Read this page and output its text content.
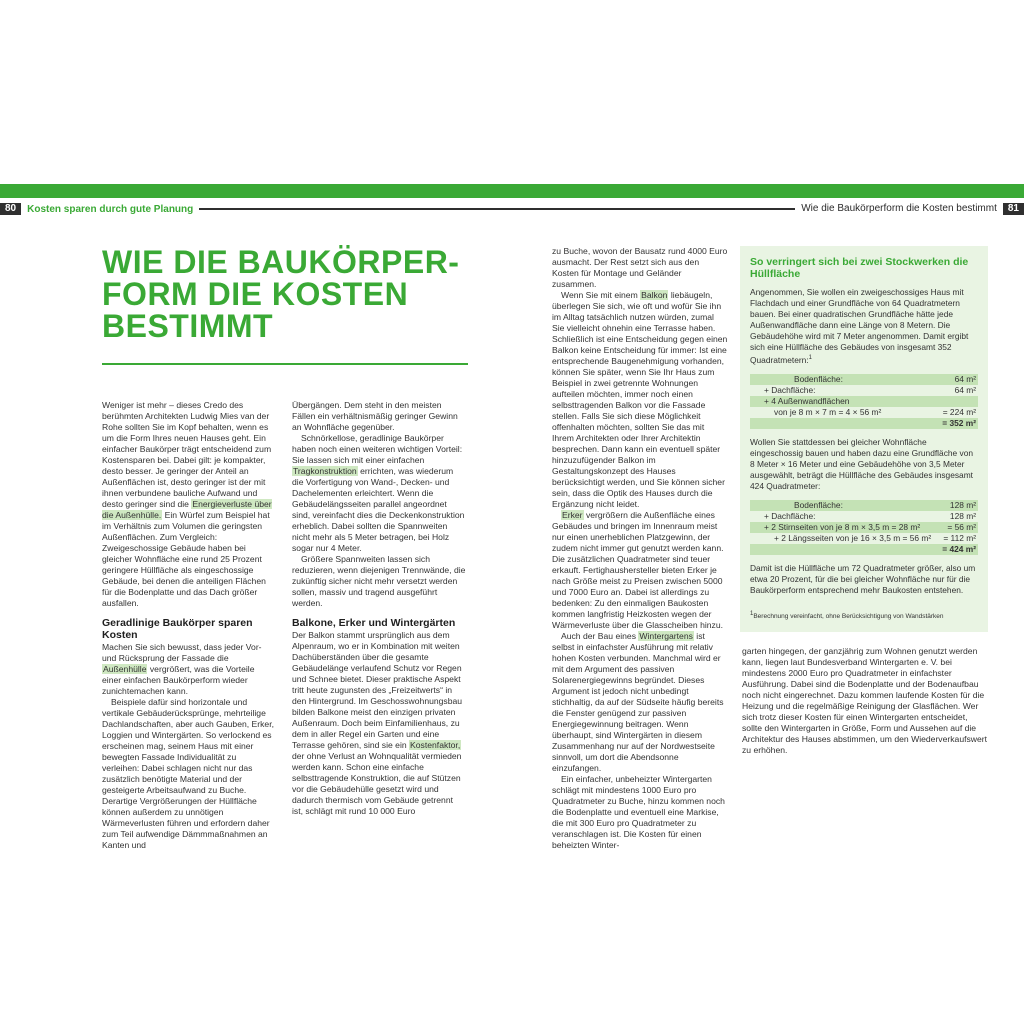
80	Kosten sparen durch gute Planung	Wie die Baukörperform die Kosten bestimmt	81
WIE DIE BAUKÖRPER-
FORM DIE KOSTEN
BESTIMMT

Weniger ist mehr – dieses Credo des berühmten Architekten Ludwig Mies van der Rohe sollten Sie im Kopf behalten, wenn es um die Form Ihres neuen Hauses geht. Ein einfacher Baukörper trägt entscheidend zum Kostensparen bei. Dabei gilt: je kompakter, desto besser. Je geringer der Anteil an Außenflächen ist, desto geringer ist der mit ihnen verbundene bauliche Aufwand und desto geringer sind die Energieverluste über die Außenhülle. Ein Würfel zum Beispiel hat im Verhältnis zum Volumen die geringsten Außenflächen. Zum Vergleich: Zweigeschossige Gebäude haben bei gleicher Wohnfläche eine rund 25 Prozent geringere Hüllfläche als eingeschossige Gebäude, bei denen die anteiligen Flächen für die Bodenplatte und das Dach größer ausfallen.

Geradlinige Baukörper sparen Kosten

Machen Sie sich bewusst, dass jeder Vor- und Rücksprung der Fassade die Außenhülle vergrößert, was die Vorteile einer einfachen Baukörperform wieder zunichtemachen kann.

Beispiele dafür sind horizontale und vertikale Gebäuderücksprünge, mehrteilige Dachlandschaften, aber auch Gauben, Erker, Loggien und Wintergärten. So verlockend es erscheinen mag, seinem Haus mit einer bewegten Fassade Individualität zu verleihen: Dabei schlagen nicht nur das zusätzlich benötigte Material und der gesteigerte Arbeitsaufwand zu Buche. Derartige Vergrößerungen der Hüllfläche können außerdem zu unnötigen Wärmeverlusten führen und erfordern daher zum Teil aufwendige Dämmmaßnahmen an Kanten und

Übergängen. Dem steht in den meisten Fällen ein verhältnismäßig geringer Gewinn an Wohnfläche gegenüber.

Schnörkellose, geradlinige Baukörper haben noch einen weiteren wichtigen Vorteil: Sie lassen sich mit einer einfachen Tragkonstruktion errichten, was wiederum die Vorfertigung von Wand-, Decken- und Dachelementen erleichtert. Wenn die Gebäudelängsseiten parallel angeordnet sind, vereinfacht dies die Deckenkonstruktion erheblich. Dabei sollten die Spannweiten nicht mehr als 5 Meter betragen, bei Holz sogar nur 4 Meter.

Größere Spannweiten lassen sich reduzieren, wenn diejenigen Trennwände, die zukünftig sicher nicht mehr versetzt werden sollen, massiv und tragend ausgeführt werden.

Balkone, Erker und Wintergärten

Der Balkon stammt ursprünglich aus dem Alpenraum, wo er in Kombination mit weiten Dachüberständen über die gesamte Gebäudelänge verlaufend Schutz vor Regen und Schnee bietet. Dieser praktische Aspekt tritt heute zugunsten des „Freizeitwerts“ in den Hintergrund. Im Geschosswohnungsbau bilden Balkone meist den einzigen privaten Außenraum. Doch beim Einfamilienhaus, zu dem in aller Regel ein Garten und eine Terrasse gehören, sind sie ein Kostenfaktor, der ohne Verlust an Wohnqualität vermieden werden kann. Schon eine einfache selbsttragende Konstruktion, die auf Stützen vor die Gebäudehülle gesetzt wird und dadurch thermisch vom Gebäude getrennt ist, schlägt mit rund 10 000 Euro

zu Buche, wovon der Bausatz rund 4000 Euro ausmacht. Der Rest setzt sich aus den Kosten für Montage und Geländer zusammen.

Wenn Sie mit einem Balkon liebäugeln, überlegen Sie sich, wie oft und wofür Sie ihn im Alltag tatsächlich nutzen würden, zumal Sie vielleicht ohnehin eine Terrasse haben. Schließlich ist eine Entscheidung gegen einen Balkon keine Entscheidung für immer: Ist eine entsprechende Baugenehmigung vorhanden, können Sie später, wenn Sie Ihr Haus zum Beispiel in zwei getrennte Wohnungen aufteilen möchten, immer noch einen selbsttragenden Balkon vor die Fassade stellen. Falls Sie sich diese Möglichkeit offenhalten möchten, sollten Sie das mit Ihrem Architekten oder Ihrer Architektin besprechen. Dann kann ein eventuell später hinzuzufügender Balkon im Gestaltungskonzept des Hauses berücksichtigt werden, und Sie können sicher sein, dass die Optik des Hauses durch die Ergänzung nicht leidet.

Erker vergrößern die Außenfläche eines Gebäudes und bringen im Innenraum meist nur einen unerheblichen Platzgewinn, der zudem nicht immer gut genutzt werden kann. Die zusätzlichen Quadratmeter sind teuer erkauft. Fertighaushersteller bieten Erker je nach Größe meist zu Preisen zwischen 5000 und 7000 Euro an. Dabei ist allerdings zu bedenken: Zu den einmaligen Baukosten kommen langfristig Heizkosten wegen der Wärmeverluste über die Glasscheiben hinzu.

Auch der Bau eines Wintergartens ist selbst in einfachster Ausführung mit relativ hohen Kosten verbunden. Manchmal wird er mit dem Argument des passiven Solarenergiegewinns begründet. Dieses Argument ist jedoch nicht unbedingt stichhaltig, da auf der Südseite häufig bereits die Fenster genügend zur passiven Energiegewinnung beitragen. Wenn überhaupt, sind Wintergärten in diesem Zusammenhang nur auf der Nordwestseite sinnvoll, um dort die Abendsonne einzufangen.

Ein einfacher, unbeheizter Wintergarten schlägt mit mindestens 1000 Euro pro Quadratmeter zu Buche, hinzu kommen noch die Bodenplatte und eventuell eine Markise, die mit 300 Euro pro Quadratmeter zu veranschlagen ist. Die Kosten für einen beheizten Winter-

So verringert sich bei zwei Stockwerken die Hüllfläche

Angenommen, Sie wollen ein zweigeschossiges Haus mit Flachdach und einer Grundfläche von 64 Quadratmetern bauen. Bei einer quadratischen Grundfläche hätte jede Außenwandfläche dann eine Länge von 8 Metern. Die Gebäudehöhe wird mit 7 Meter angenommen. Damit ergibt sich eine Hüllfläche des Gebäudes von insgesamt 352 Quadratmetern:$^1$

Bodenfläche:	64 m²
+ Dachfläche:	64 m²
+ 4 Außenwandflächen	
von je 8 m × 7 m = 4 × 56 m²	= 224 m²
	= 352 m²

Wollen Sie stattdessen bei gleicher Wohnfläche eingeschossig bauen und haben dazu eine Grundfläche von 8 Meter × 16 Meter und eine Gebäudehöhe von 3,5 Meter ausgewählt, beträgt die Hüllfläche des Gebäudes insgesamt 424 Quadratmeter:

Bodenfläche:	128 m²
+ Dachfläche:	128 m²
+ 2 Stirnseiten von je 8 m × 3,5 m = 28 m²	= 56 m²
+ 2 Längsseiten von je 16 × 3,5 m = 56 m²	= 112 m²
	= 424 m²

Damit ist die Hüllfläche um 72 Quadratmeter größer, also um etwa 20 Prozent, für die bei gleicher Wohnfläche nur für die Baukörperform entsprechend mehr Baukosten entstehen.

1Berechnung vereinfacht, ohne Berücksichtigung von Wandstärken

garten hingegen, der ganzjährig zum Wohnen genutzt werden kann, liegen laut Bundesverband Wintergarten e. V. bei mindestens 2000 Euro pro Quadratmeter in einfachster Ausführung. Dabei sind die Bodenplatte und der Bodenaufbau noch nicht eingerechnet. Dazu kommen laufende Kosten für die Heizung und die regelmäßige Reinigung der Glasflächen. Wer sich trotz dieser Kosten für einen Wintergarten entscheidet, sollte den Wintergarten in Größe, Form und Aussehen auf die Architektur des Hauses abstimmen, um den Wiederverkaufswert zu erhöhen.
